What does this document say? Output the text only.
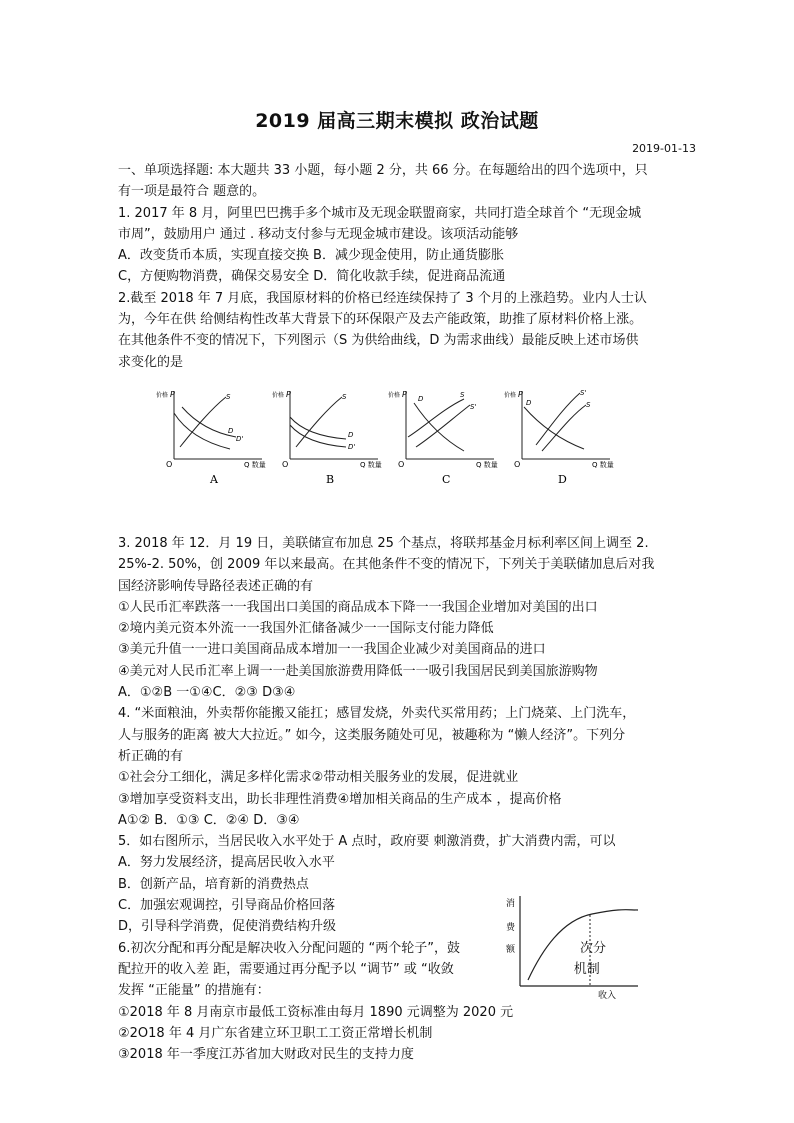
2019 届高三期末模拟 政治试题
2019-01-13
一、单项选择题: 本大题共 33 小题，每小题 2 分，共 66 分。在每题给出的四个选项中，只
有一项是最符合 题意的。
1. 2017 年 8 月，阿里巴巴携手多个城市及无现金联盟商家，共同打造全球首个 “无现金城
市周”，鼓励用户 通过 . 移动支付参与无现金城市建设。该项活动能够
A．改变货币本质，实现直接交换 B．减少现金使用，防止通货膨胀
C，方便购物消费，确保交易安全 D．简化收款手续，促进商品流通
2.截至 2018 年 7 月底，我国原材料的价格已经连续保持了 3 个月的上涨趋势。业内人士认
为，今年在供 给侧结构性改革大背景下的环保限产及去产能政策，助推了原材料价格上涨。
在其他条件不变的情况下，下列图示（S 为供给曲线，D 为需求曲线）最能反映上述市场供
求变化的是
价格 P
O	Q 数量
S
D
D'
A
价格 P
O	Q 数量
S
D
D'
B
价格 P
O	Q 数量
D	S
S'
C
价格 P
O	Q 数量
S'
S
D
D
3. 2018 年 12．月 19 日，美联储宣布加息 25 个基点，将联邦基金月标利率区间上调至 2.
25%-2. 50%，创 2009 年以来最高。在其他条件不变的情况下，下列关于美联储加息后对我
国经济影响传导路径表述正确的有
①人民币汇率跌落一一我国出口美国的商品成本下降一一我国企业增加对美国的出口
②境内美元资本外流一一我国外汇储备减少一一国际支付能力降低
③美元升值一一进口美国商品成本增加一一我国企业减少对美国商品的进口
④美元对人民币汇率上调一一赴美国旅游费用降低一一吸引我国居民到美国旅游购物
A．①②B 一①④C．②③ D③④
4. “米面粮油，外卖帮你能搬又能扛；感冒发烧，外卖代买常用药；上门烧菜、上门洗车，
人与服务的距离 被大大拉近。” 如今，这类服务随处可见，被趣称为 “懒人经济”。下列分
析正确的有
①社会分工细化，满足多样化需求②带动相关服务业的发展，促进就业
③增加享受资料支出，助长非理性消费④增加相关商品的生产成本 ，提高价格
A①② B．①③ C．②④ D．③④
5．如右图所示，当居民收入水平处于 A 点时，政府要 刺激消费，扩大消费内需，可以
A．努力发展经济，提高居民收入水平
B．创新产品，培育新的消费热点
C．加强宏观调控，引导商品价格回落
D，引导科学消费，促使消费结构升级
6.初次分配和再分配是解决收入分配问题的 “两个轮子”，鼓	次分
配拉开的收入差 距，需要通过再分配予以 “调节” 或 “收敛	机制
消
费
额
收入
发挥 “正能量” 的措施有：
①2018 年 8 月南京市最低工资标准由每月 1890 元调整为 2020 元
②2O18 年 4 月广东省建立环卫职工工资正常增长机制
③2018 年一季度江苏省加大财政对民生的支持力度
